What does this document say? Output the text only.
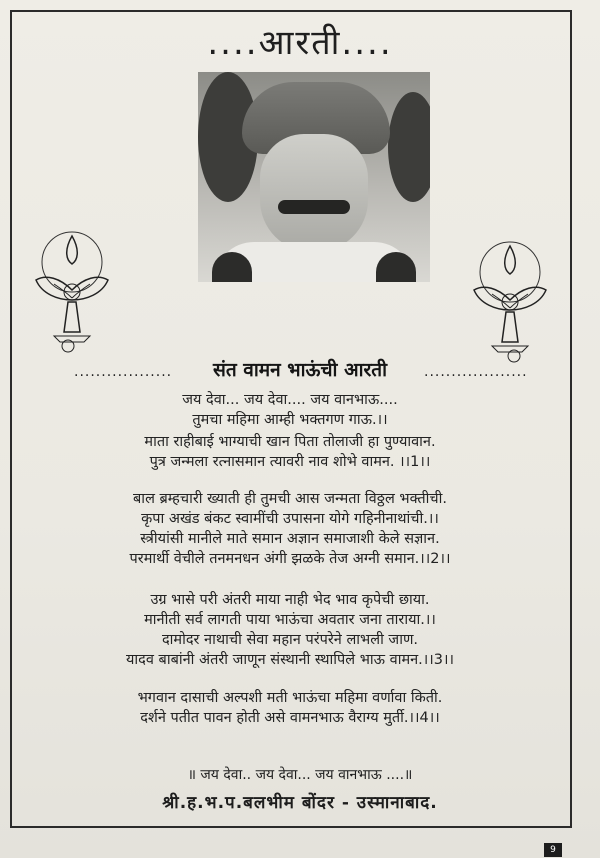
....आरती....
..................	संत वामन भाऊंची आरती	...................
जय देवा... जय देवा.... जय वानभाऊ....
तुमचा महिमा आम्ही भक्तगण गाऊ.।।
माता राहीबाई भाग्याची खान पिता तोलाजी हा पुण्यावान.
पुत्र जन्मला रत्नासमान त्यावरी नाव शोभे वामन. ।।1।।
बाल ब्रम्हचारी ख्याती ही तुमची आस जन्मता विठ्ठल भक्तीची.
कृपा अखंड बंकट स्वामींची उपासना योगे गहिनीनाथांची.।।
स्त्रीयांसी मानीले माते समान अज्ञान समाजाशी केले सज्ञान.
परमार्थी वेचीले तनमनधन अंगी झळके तेज अग्नी समान.।।2।।
उग्र भासे परी अंतरी माया नाही भेद भाव कृपेची छाया.
मानीती सर्व लागती पाया भाऊंचा अवतार जना ताराया.।।
दामोदर नाथाची सेवा महान परंपरेने लाभली जाण.
यादव बाबांनी अंतरी जाणून संस्थानी स्थापिले भाऊ वामन.।।3।।
भगवान दासाची अल्पशी मती भाऊंचा महिमा वर्णावा किती.
दर्शने पतीत पावन होती असे वामनभाऊ वैराग्य मुर्ती.।।4।।
॥ जय देवा.. जय देवा... जय वानभाऊ ....॥
श्री.ह.भ.प.बलभीम बोंदर - उस्मानाबाद.
9
